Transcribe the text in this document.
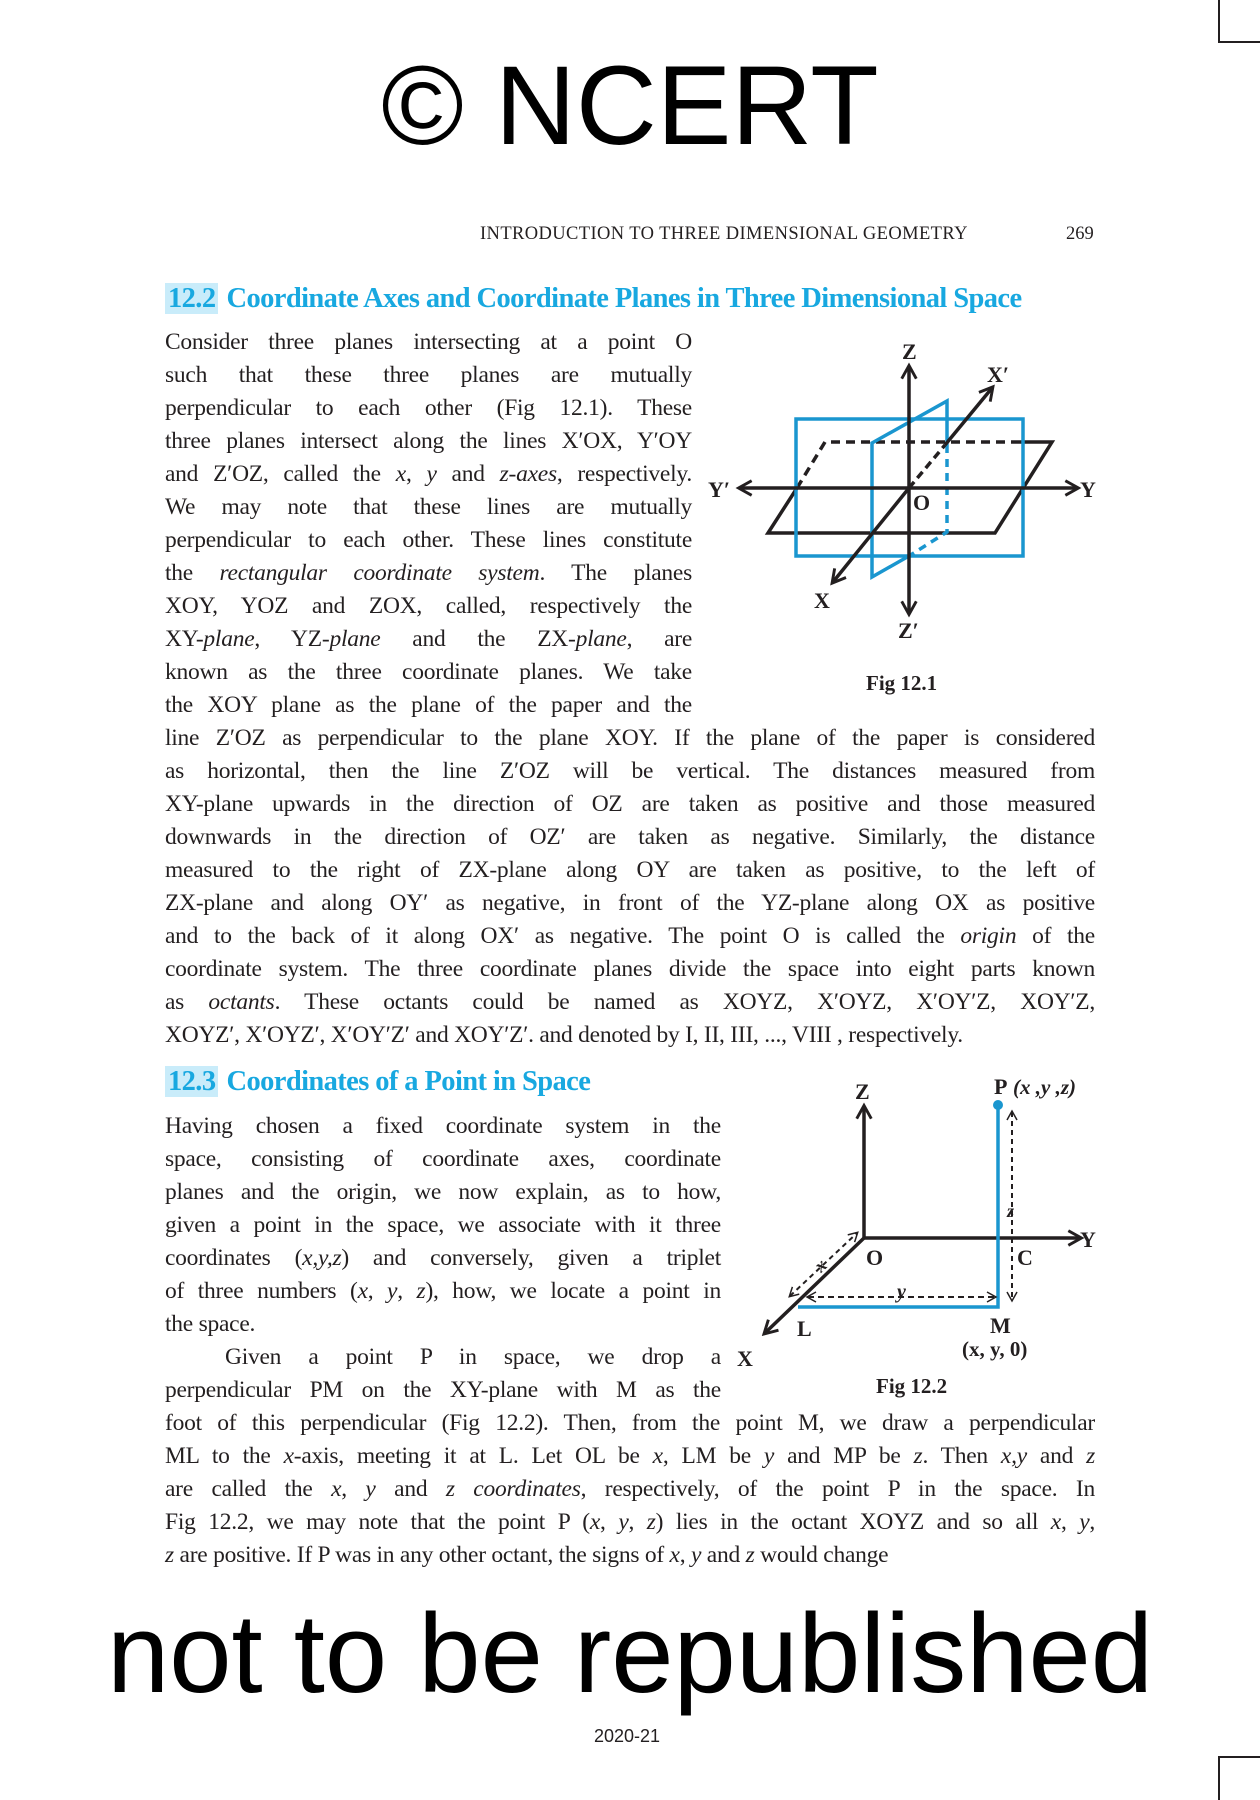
© NCERT
INTRODUCTION TO THREE DIMENSIONAL GEOMETRY	269
12.2 Coordinate Axes and Coordinate Planes in Three Dimensional Space
Consider three planes intersecting at a point O
such that these three planes are mutually
perpendicular to each other (Fig 12.1). These
three planes intersect along the lines X′OX, Y′OY
and Z′OZ, called the x, y and z-axes, respectively.
We may note that these lines are mutually
perpendicular to each other. These lines constitute
the rectangular coordinate system. The planes
XOY, YOZ and ZOX, called, respectively the
XY-plane, YZ-plane and the ZX-plane, are
known as the three coordinate planes. We take
the XOY plane as the plane of the paper and the
line Z′OZ as perpendicular to the plane XOY. If the plane of the paper is considered
as horizontal, then the line Z′OZ will be vertical. The distances measured from
XY-plane upwards in the direction of OZ are taken as positive and those measured
downwards in the direction of OZ′ are taken as negative. Similarly, the distance
measured to the right of ZX-plane along OY are taken as positive, to the left of
ZX-plane and along OY′ as negative, in front of the YZ-plane along OX as positive
and to the back of it along OX′ as negative. The point O is called the origin of the
coordinate system. The three coordinate planes divide the space into eight parts known
as octants. These octants could be named as XOYZ, X′OYZ, X′OY′Z, XOY′Z,
XOYZ′, X′OYZ′, X′OY′Z′ and XOY′Z′. and denoted by I, II, III, ..., VIII , respectively.
Z
Z′
X′
X
Y′	Y
O
Fig 12.1
12.3 Coordinates of a Point in Space
Having chosen a fixed coordinate system in the
space, consisting of coordinate axes, coordinate
planes and the origin, we now explain, as to how,
given a point in the space, we associate with it three
coordinates (x,y,z) and conversely, given a triplet
of three numbers (x, y, z), how, we locate a point in
the space.
Given a point P in space, we drop a
perpendicular PM on the XY-plane with M as the
foot of this perpendicular (Fig 12.2). Then, from the point M, we draw a perpendicular
ML to the x-axis, meeting it at L. Let OL be x, LM be y and MP be z. Then x,y and z
are called the x, y and z coordinates, respectively, of the point P in the space. In
Fig 12.2, we may note that the point P (x, y, z) lies in the octant XOYZ and so all x, y,
z are positive. If P was in any other octant, the signs of x, y and z would change
Z
Y
X
O	C
L	M
(x, y, 0)
P (x ,y ,z)
z
y
x
Fig 12.2
not to be republished
2020-21
